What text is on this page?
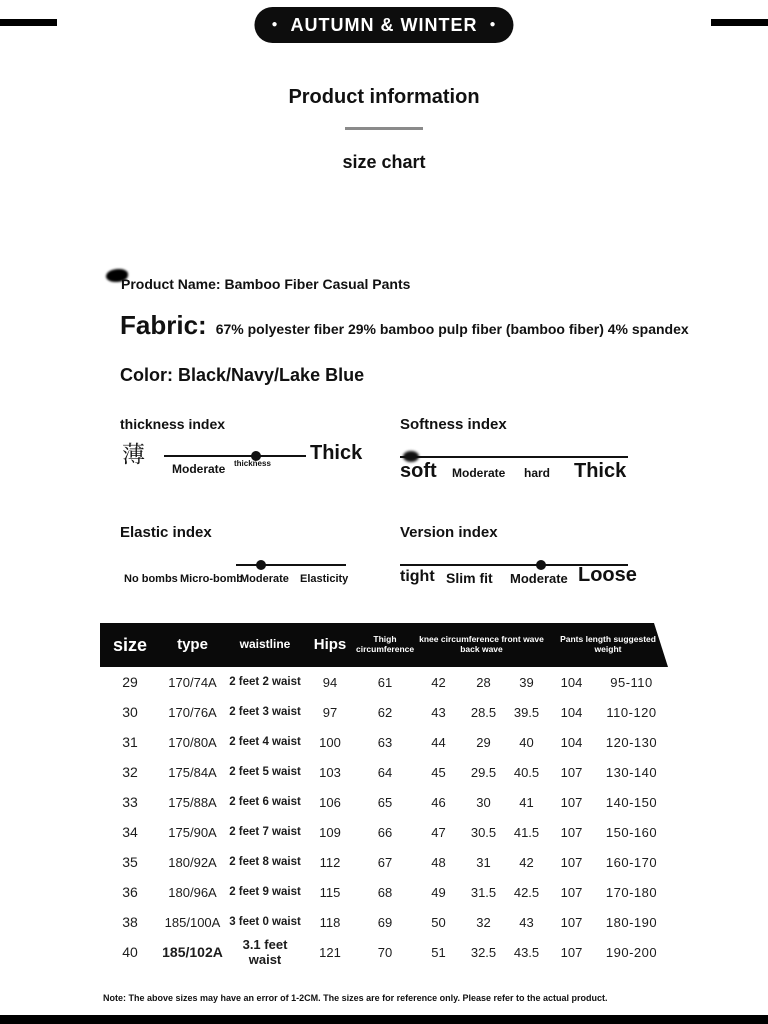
● AUTUMN & WINTER ●
Product information
size chart
Product Name: Bamboo Fiber Casual Pants
Fabric: 67% polyester fiber 29% bamboo pulp fiber (bamboo fiber) 4% spandex
Color: Black/Navy/Lake Blue
thickness index
薄
Moderate thickness Thick
Softness index
soft Moderate hard Thick
Elastic index
No bombs Micro-bomb
Moderate Elasticity
Version index
tight Slim fit Moderate Loose
size	type	waistline	Hips	Thigh circumference	knee circumference front wave back wave			Pants length suggested weight	
29	170/74A	2 feet 2 waist	94	61	42	28	39	104	95-110
30	170/76A	2 feet 3 waist	97	62	43	28.5	39.5	104	110-120
31	170/80A	2 feet 4 waist	100	63	44	29	40	104	120-130
32	175/84A	2 feet 5 waist	103	64	45	29.5	40.5	107	130-140
33	175/88A	2 feet 6 waist	106	65	46	30	41	107	140-150
34	175/90A	2 feet 7 waist	109	66	47	30.5	41.5	107	150-160
35	180/92A	2 feet 8 waist	112	67	48	31	42	107	160-170
36	180/96A	2 feet 9 waist	115	68	49	31.5	42.5	107	170-180
38	185/100A	3 feet 0 waist	118	69	50	32	43	107	180-190
40	185/102A	3.1 feet waist	121	70	51	32.5	43.5	107	190-200
Note: The above sizes may have an error of 1-2CM. The sizes are for reference only. Please refer to the actual product.
